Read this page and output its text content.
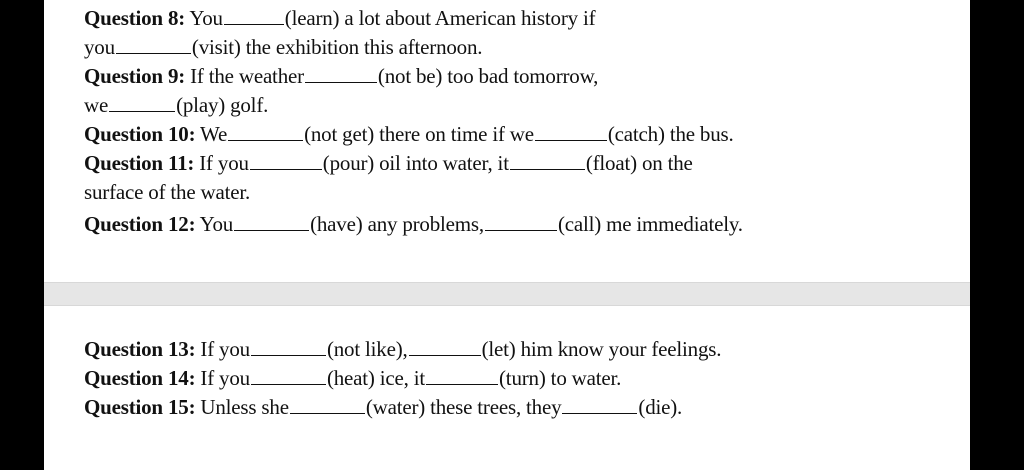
Question 8: You	(learn) a lot about American history if
you	(visit) the exhibition this afternoon.
Question 9: If the weather	(not be) too bad tomorrow,
we	(play) golf.
Question 10: We	(not get) there on time if we	(catch) the bus.
Question 11: If you	(pour) oil into water, it	(float) on the
surface of the water.
Question 12: You	(have) any problems,	(call) me immediately.
Question 13: If you	(not like),	(let) him know your feelings.
Question 14: If you	(heat) ice, it	(turn) to water.
Question 15: Unless she	(water) these trees, they	(die).
